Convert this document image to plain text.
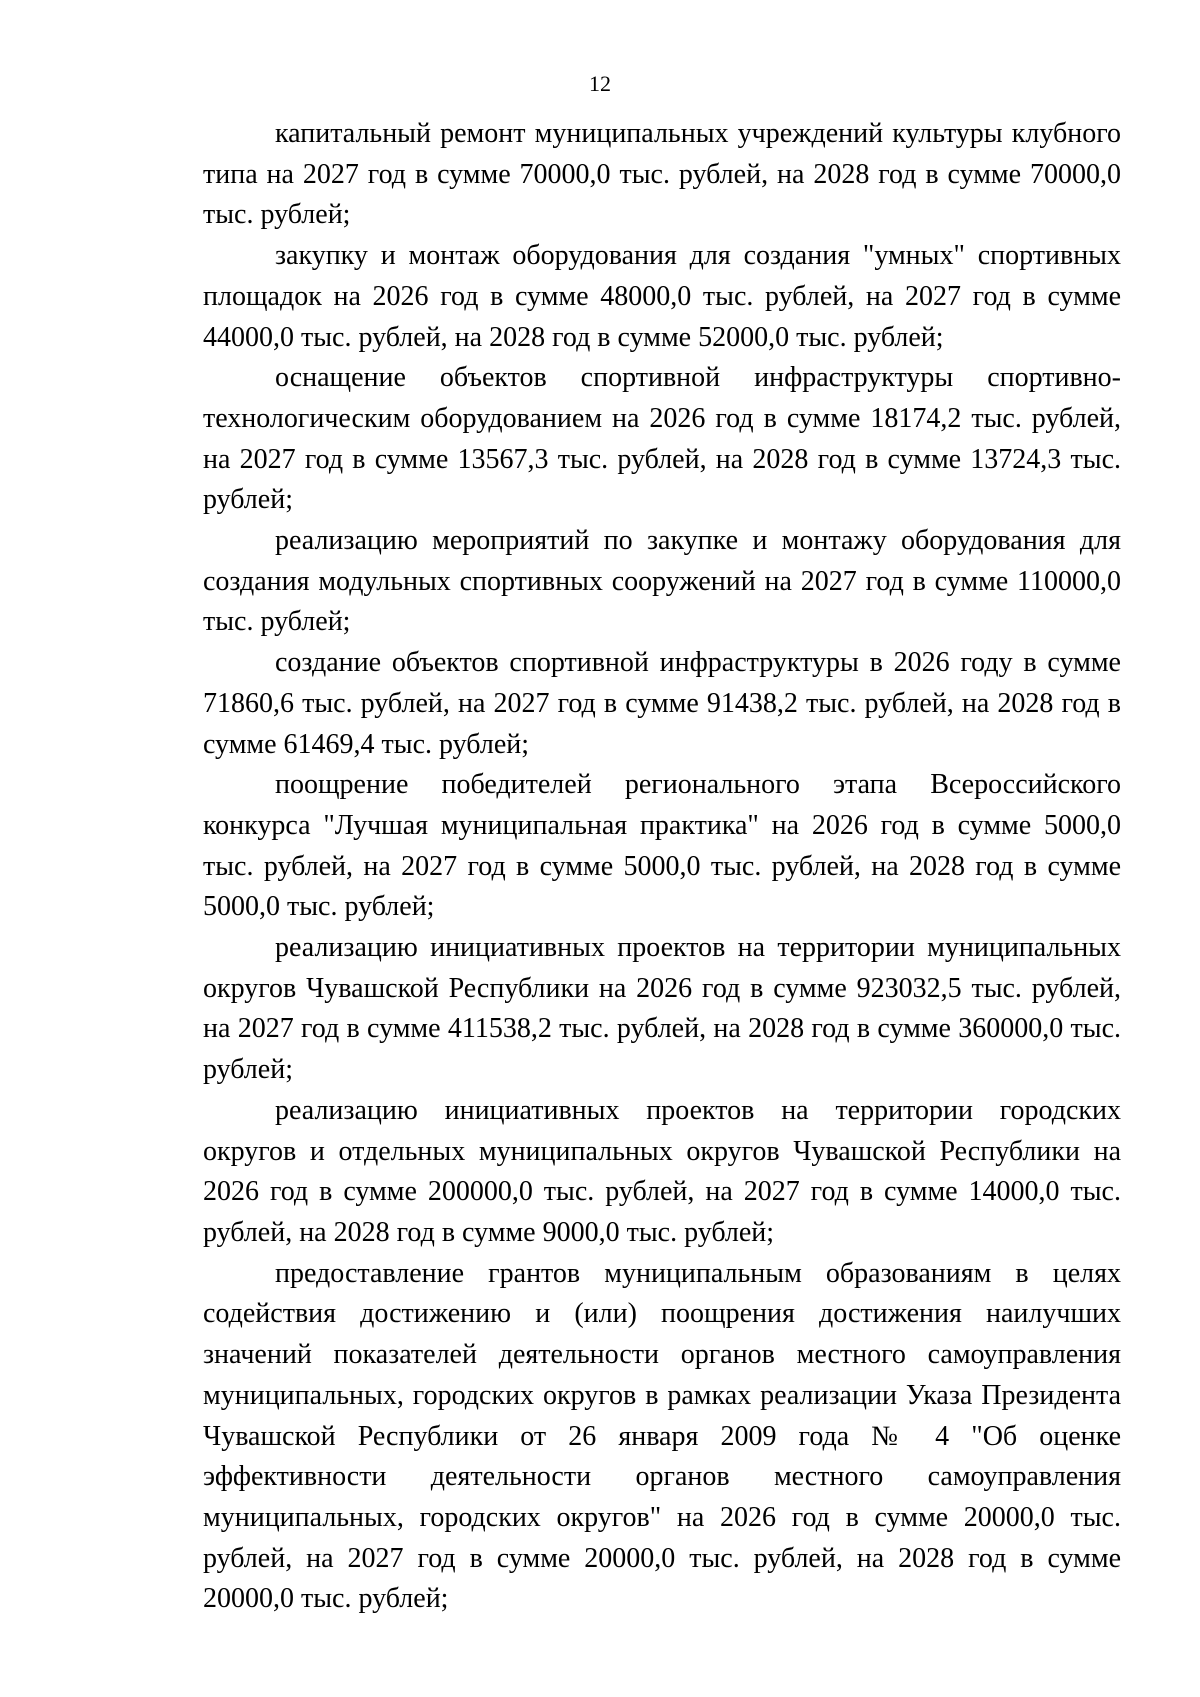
12

капитальный ремонт муниципальных учреждений культуры клубного типа на 2027 год в сумме 70000,0 тыс. рублей, на 2028 год в сумме 70000,0 тыс. рублей;

закупку и монтаж оборудования для создания "умных" спортивных площадок на 2026 год в сумме 48000,0 тыс. рублей, на 2027 год в сумме 44000,0 тыс. рублей, на 2028 год в сумме 52000,0 тыс. рублей;

оснащение объектов спортивной инфраструктуры спортивно-технологическим оборудованием на 2026 год в сумме 18174,2 тыс. рублей, на 2027 год в сумме 13567,3 тыс. рублей, на 2028 год в сумме 13724,3 тыс. рублей;

реализацию мероприятий по закупке и монтажу оборудования для создания модульных спортивных сооружений на 2027 год в сумме 110000,0 тыс. рублей;

создание объектов спортивной инфраструктуры в 2026 году в сумме 71860,6 тыс. рублей, на 2027 год в сумме 91438,2 тыс. рублей, на 2028 год в сумме 61469,4 тыс. рублей;

поощрение победителей регионального этапа Всероссийского конкурса "Лучшая муниципальная практика" на 2026 год в сумме 5000,0 тыс. рублей, на 2027 год в сумме 5000,0 тыс. рублей, на 2028 год в сумме 5000,0 тыс. рублей;

реализацию инициативных проектов на территории муниципальных округов Чувашской Республики на 2026 год в сумме 923032,5 тыс. рублей, на 2027 год в сумме 411538,2 тыс. рублей, на 2028 год в сумме 360000,0 тыс. рублей;

реализацию инициативных проектов на территории городских округов и отдельных муниципальных округов Чувашской Республики на 2026 год в сумме 200000,0 тыс. рублей, на 2027 год в сумме 14000,0 тыс. рублей, на 2028 год в сумме 9000,0 тыс. рублей;

предоставление грантов муниципальным образованиям в целях содействия достижению и (или) поощрения достижения наилучших значений показателей деятельности органов местного самоуправления муниципальных, городских округов в рамках реализации Указа Президента Чувашской Республики от 26 января 2009 года № 4 "Об оценке эффективности деятельности органов местного самоуправления муниципальных, городских округов" на 2026 год в сумме 20000,0 тыс. рублей, на 2027 год в сумме 20000,0 тыс. рублей, на 2028 год в сумме 20000,0 тыс. рублей;
